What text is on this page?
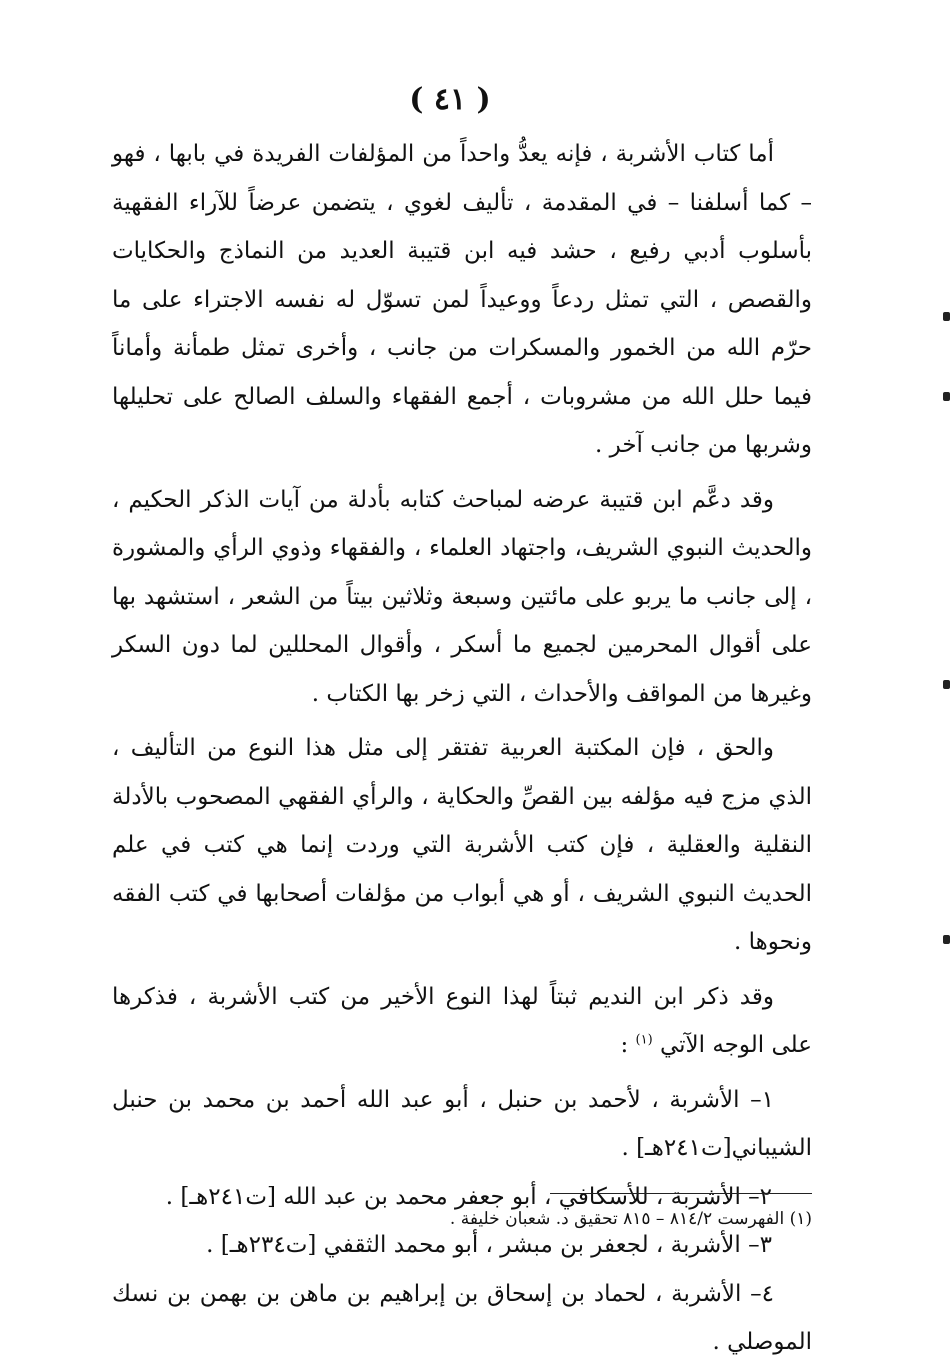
( ٤١ )

أما كتاب الأشربة ، فإنه يعدُّ واحداً من المؤلفات الفريدة في بابها ، فهو – كما أسلفنا – في المقدمة ، تأليف لغوي ، يتضمن عرضاً للآراء الفقهية بأسلوب أدبي رفيع ، حشد فيه ابن قتيبة العديد من النماذج والحكايات والقصص ، التي تمثل ردعاً ووعيداً لمن تسوّل له نفسه الاجتراء على ما حرّم الله من الخمور والمسكرات من جانب ، وأخرى تمثل طمأنة وأماناً فيما حلل الله من مشروبات ، أجمع الفقهاء والسلف الصالح على تحليلها وشربها من جانب آخر .

وقد دعَّم ابن قتيبة عرضه لمباحث كتابه بأدلة من آيات الذكر الحكيم ، والحديث النبوي الشريف، واجتهاد العلماء ، والفقهاء وذوي الرأي والمشورة ، إلى جانب ما يربو على مائتين وسبعة وثلاثين بيتاً من الشعر ، استشهد بها على أقوال المحرمين لجميع ما أسكر ، وأقوال المحللين لما دون السكر وغيرها من المواقف والأحداث ، التي زخر بها الكتاب .

والحق ، فإن المكتبة العربية تفتقر إلى مثل هذا النوع من التأليف ، الذي مزج فيه مؤلفه بين القصِّ والحكاية ، والرأي الفقهي المصحوب بالأدلة النقلية والعقلية ، فإن كتب الأشربة التي وردت إنما هي كتب في علم الحديث النبوي الشريف ، أو هي أبواب من مؤلفات أصحابها في كتب الفقه ونحوها .

وقد ذكر ابن النديم ثبتاً لهذا النوع الأخير من كتب الأشربة ، فذكرها على الوجه الآتي $^{(١)}$ :

١– الأشربة ، لأحمد بن حنبل ، أبو عبد الله أحمد بن محمد بن حنبل الشيباني[ت٢٤١هـ] .
٢– الأشربة ، للأسكافي ، أبو جعفر محمد بن عبد الله [ت٢٤١هـ] .
٣– الأشربة ، لجعفر بن مبشر ، أبو محمد الثقفي [ت٢٣٤هـ] .
٤– الأشربة ، لحماد بن إسحاق بن إبراهيم بن ماهن بن بهمن بن نسك الموصلي .
(١) الفهرست ٨١٤/٢ – ٨١٥ تحقيق د. شعبان خليفة .
